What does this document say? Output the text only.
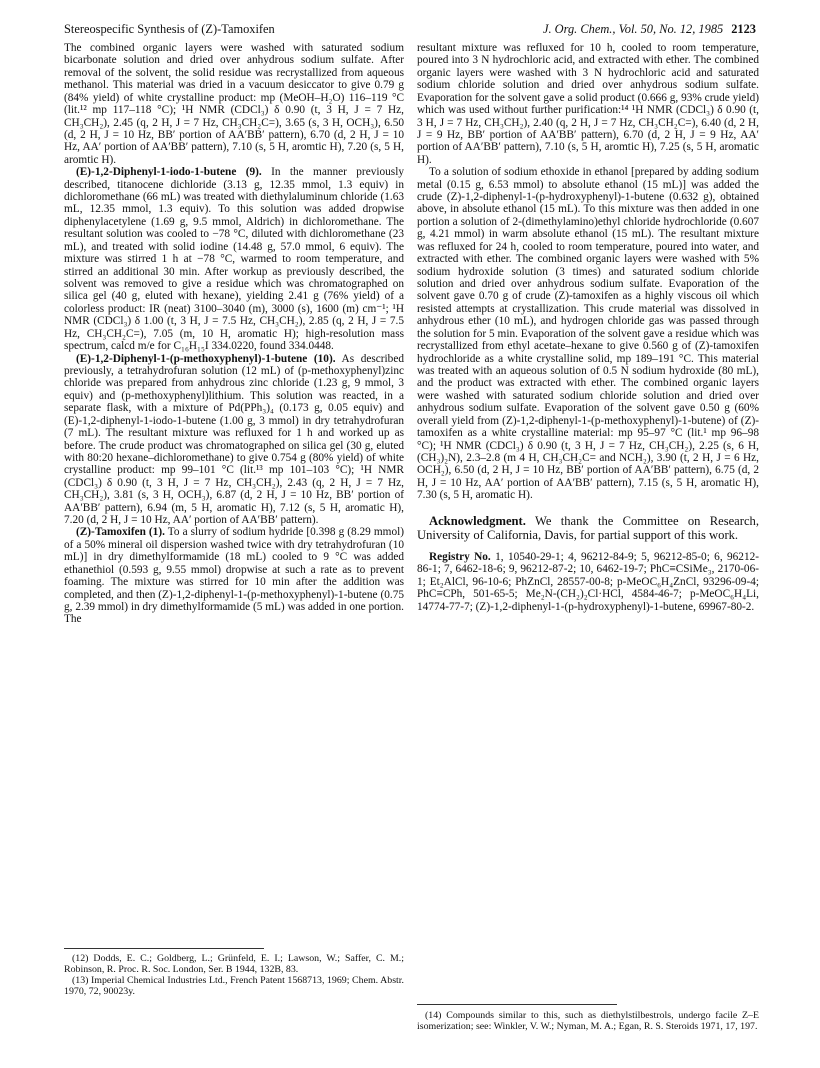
Stereospecific Synthesis of (Z)-Tamoxifen	J. Org. Chem., Vol. 50, No. 12, 1985 2123

The combined organic layers were washed with saturated sodium bicarbonate solution and dried over anhydrous sodium sulfate. After removal of the solvent, the solid residue was recrystallized from aqueous methanol. This material was dried in a vacuum desiccator to give 0.79 g (84% yield) of white crystalline product: mp (MeOH–H₂O) 116–119 °C (lit.¹² mp 117–118 °C); ¹H NMR (CDCl₃) δ 0.90 (t, 3 H, J = 7 Hz, CH₃CH₂), 2.45 (q, 2 H, J = 7 Hz, CH₃CH₂C=), 3.65 (s, 3 H, OCH₃), 6.50 (d, 2 H, J = 10 Hz, BB′ portion of AA′BB′ pattern), 6.70 (d, 2 H, J = 10 Hz, AA′ portion of AA′BB′ pattern), 7.10 (s, 5 H, aromtic H), 7.20 (s, 5 H, aromtic H).

(E)-1,2-Diphenyl-1-iodo-1-butene (9). In the manner previously described, titanocene dichloride (3.13 g, 12.35 mmol, 1.3 equiv) in dichloromethane (66 mL) was treated with diethylaluminum chloride (1.63 mL, 12.35 mmol, 1.3 equiv). To this solution was added dropwise diphenylacetylene (1.69 g, 9.5 mmol, Aldrich) in dichloromethane. The resultant solution was cooled to −78 °C, diluted with dichloromethane (23 mL), and treated with solid iodine (14.48 g, 57.0 mmol, 6 equiv). The mixture was stirred 1 h at −78 °C, warmed to room temperature, and stirred an additional 30 min. After workup as previously described, the solvent was removed to give a residue which was chromatographed on silica gel (40 g, eluted with hexane), yielding 2.41 g (76% yield) of a colorless product: IR (neat) 3100–3040 (m), 3000 (s), 1600 (m) cm⁻¹; ¹H NMR (CDCl₃) δ 1.00 (t, 3 H, J = 7.5 Hz, CH₃CH₂), 2.85 (q, 2 H, J = 7.5 Hz, CH₃CH₂C=), 7.05 (m, 10 H, aromatic H); high-resolution mass spectrum, calcd m/e for C₁₆H₁₅I 334.0220, found 334.0448.

(E)-1,2-Diphenyl-1-(p-methoxyphenyl)-1-butene (10). As described previously, a tetrahydrofuran solution (12 mL) of (p-methoxyphenyl)zinc chloride was prepared from anhydrous zinc chloride (1.23 g, 9 mmol, 3 equiv) and (p-methoxyphenyl)lithium. This solution was reacted, in a separate flask, with a mixture of Pd(PPh₃)₄ (0.173 g, 0.05 equiv) and (E)-1,2-diphenyl-1-iodo-1-butene (1.00 g, 3 mmol) in dry tetrahydrofuran (7 mL). The resultant mixture was refluxed for 1 h and worked up as before. The crude product was chromatographed on silica gel (30 g, eluted with 80:20 hexane–dichloromethane) to give 0.754 g (80% yield) of white crystalline product: mp 99–101 °C (lit.¹³ mp 101–103 °C); ¹H NMR (CDCl₃) δ 0.90 (t, 3 H, J = 7 Hz, CH₃CH₂), 2.43 (q, 2 H, J = 7 Hz, CH₃CH₂), 3.81 (s, 3 H, OCH₃), 6.87 (d, 2 H, J = 10 Hz, BB′ portion of AA′BB′ pattern), 6.94 (m, 5 H, aromatic H), 7.12 (s, 5 H, aromatic H), 7.20 (d, 2 H, J = 10 Hz, AA′ portion of AA′BB′ pattern).

(Z)-Tamoxifen (1). To a slurry of sodium hydride [0.398 g (8.29 mmol) of a 50% mineral oil dispersion washed twice with dry tetrahydrofuran (10 mL)] in dry dimethylformamide (18 mL) cooled to 9 °C was added ethanethiol (0.593 g, 9.55 mmol) dropwise at such a rate as to prevent foaming. The mixture was stirred for 10 min after the addition was completed, and then (Z)-1,2-diphenyl-1-(p-methoxyphenyl)-1-butene (0.75 g, 2.39 mmol) in dry dimethylformamide (5 mL) was added in one portion. The

resultant mixture was refluxed for 10 h, cooled to room temperature, poured into 3 N hydrochloric acid, and extracted with ether. The combined organic layers were washed with 3 N hydrochloric acid and saturated sodium chloride solution and dried over anhydrous sodium sulfate. Evaporation for the solvent gave a solid product (0.666 g, 93% crude yield) which was used without further purification:¹⁴ ¹H NMR (CDCl₃) δ 0.90 (t, 3 H, J = 7 Hz, CH₃CH₂), 2.40 (q, 2 H, J = 7 Hz, CH₃CH₂C=), 6.40 (d, 2 H, J = 9 Hz, BB′ portion of AA′BB′ pattern), 6.70 (d, 2 H, J = 9 Hz, AA′ portion of AA′BB′ pattern), 7.10 (s, 5 H, aromtic H), 7.25 (s, 5 H, aromatic H).

To a solution of sodium ethoxide in ethanol [prepared by adding sodium metal (0.15 g, 6.53 mmol) to absolute ethanol (15 mL)] was added the crude (Z)-1,2-diphenyl-1-(p-hydroxyphenyl)-1-butene (0.632 g), obtained above, in absolute ethanol (15 mL). To this mixture was then added in one portion a solution of 2-(dimethylamino)ethyl chloride hydrochloride (0.607 g, 4.21 mmol) in warm absolute ethanol (15 mL). The resultant mixture was refluxed for 24 h, cooled to room temperature, poured into water, and extracted with ether. The combined organic layers were washed with 5% sodium hydroxide solution (3 times) and saturated sodium chloride solution and dried over anhydrous sodium sulfate. Evaporation of the solvent gave 0.70 g of crude (Z)-tamoxifen as a highly viscous oil which resisted attempts at crystallization. This crude material was dissolved in anhydrous ether (10 mL), and hydrogen chloride gas was passed through the solution for 5 min. Evaporation of the solvent gave a residue which was recrystallized from ethyl acetate–hexane to give 0.560 g of (Z)-tamoxifen hydrochloride as a white crystalline solid, mp 189–191 °C. This material was treated with an aqueous solution of 0.5 N sodium hydroxide (80 mL), and the product was extracted with ether. The combined organic layers were washed with saturated sodium chloride solution and dried over anhydrous sodium sulfate. Evaporation of the solvent gave 0.50 g (60% overall yield from (Z)-1,2-diphenyl-1-(p-methoxyphenyl)-1-butene) of (Z)-tamoxifen as a white crystalline material: mp 95–97 °C (lit.¹ mp 96–98 °C); ¹H NMR (CDCl₃) δ 0.90 (t, 3 H, J = 7 Hz, CH₃CH₂), 2.25 (s, 6 H, (CH₃)₂N), 2.3–2.8 (m 4 H, CH₃CH₂C= and NCH₂), 3.90 (t, 2 H, J = 6 Hz, OCH₂), 6.50 (d, 2 H, J = 10 Hz, BB′ portion of AA′BB′ pattern), 6.75 (d, 2 H, J = 10 Hz, AA′ portion of AA′BB′ pattern), 7.15 (s, 5 H, aromatic H), 7.30 (s, 5 H, aromatic H).

Acknowledgment. We thank the Committee on Research, University of California, Davis, for partial support of this work.

Registry No. 1, 10540-29-1; 4, 96212-84-9; 5, 96212-85-0; 6, 96212-86-1; 7, 6462-18-6; 9, 96212-87-2; 10, 6462-19-7; PhC≡CSiMe₃, 2170-06-1; Et₂AlCl, 96-10-6; PhZnCl, 28557-00-8; p-MeOC₆H₄ZnCl, 93296-09-4; PhC≡CPh, 501-65-5; Me₂N-(CH₂)₂Cl·HCl, 4584-46-7; p-MeOC₆H₄Li, 14774-77-7; (Z)-1,2-diphenyl-1-(p-hydroxyphenyl)-1-butene, 69967-80-2.

(12) Dodds, E. C.; Goldberg, L.; Grünfeld, E. I.; Lawson, W.; Saffer, C. M.; Robinson, R. Proc. R. Soc. London, Ser. B 1944, 132B, 83.

(13) Imperial Chemical Industries Ltd., French Patent 1568713, 1969; Chem. Abstr. 1970, 72, 90023y.

(14) Compounds similar to this, such as diethylstilbestrols, undergo facile Z–E isomerization; see: Winkler, V. W.; Nyman, M. A.; Egan, R. S. Steroids 1971, 17, 197.
